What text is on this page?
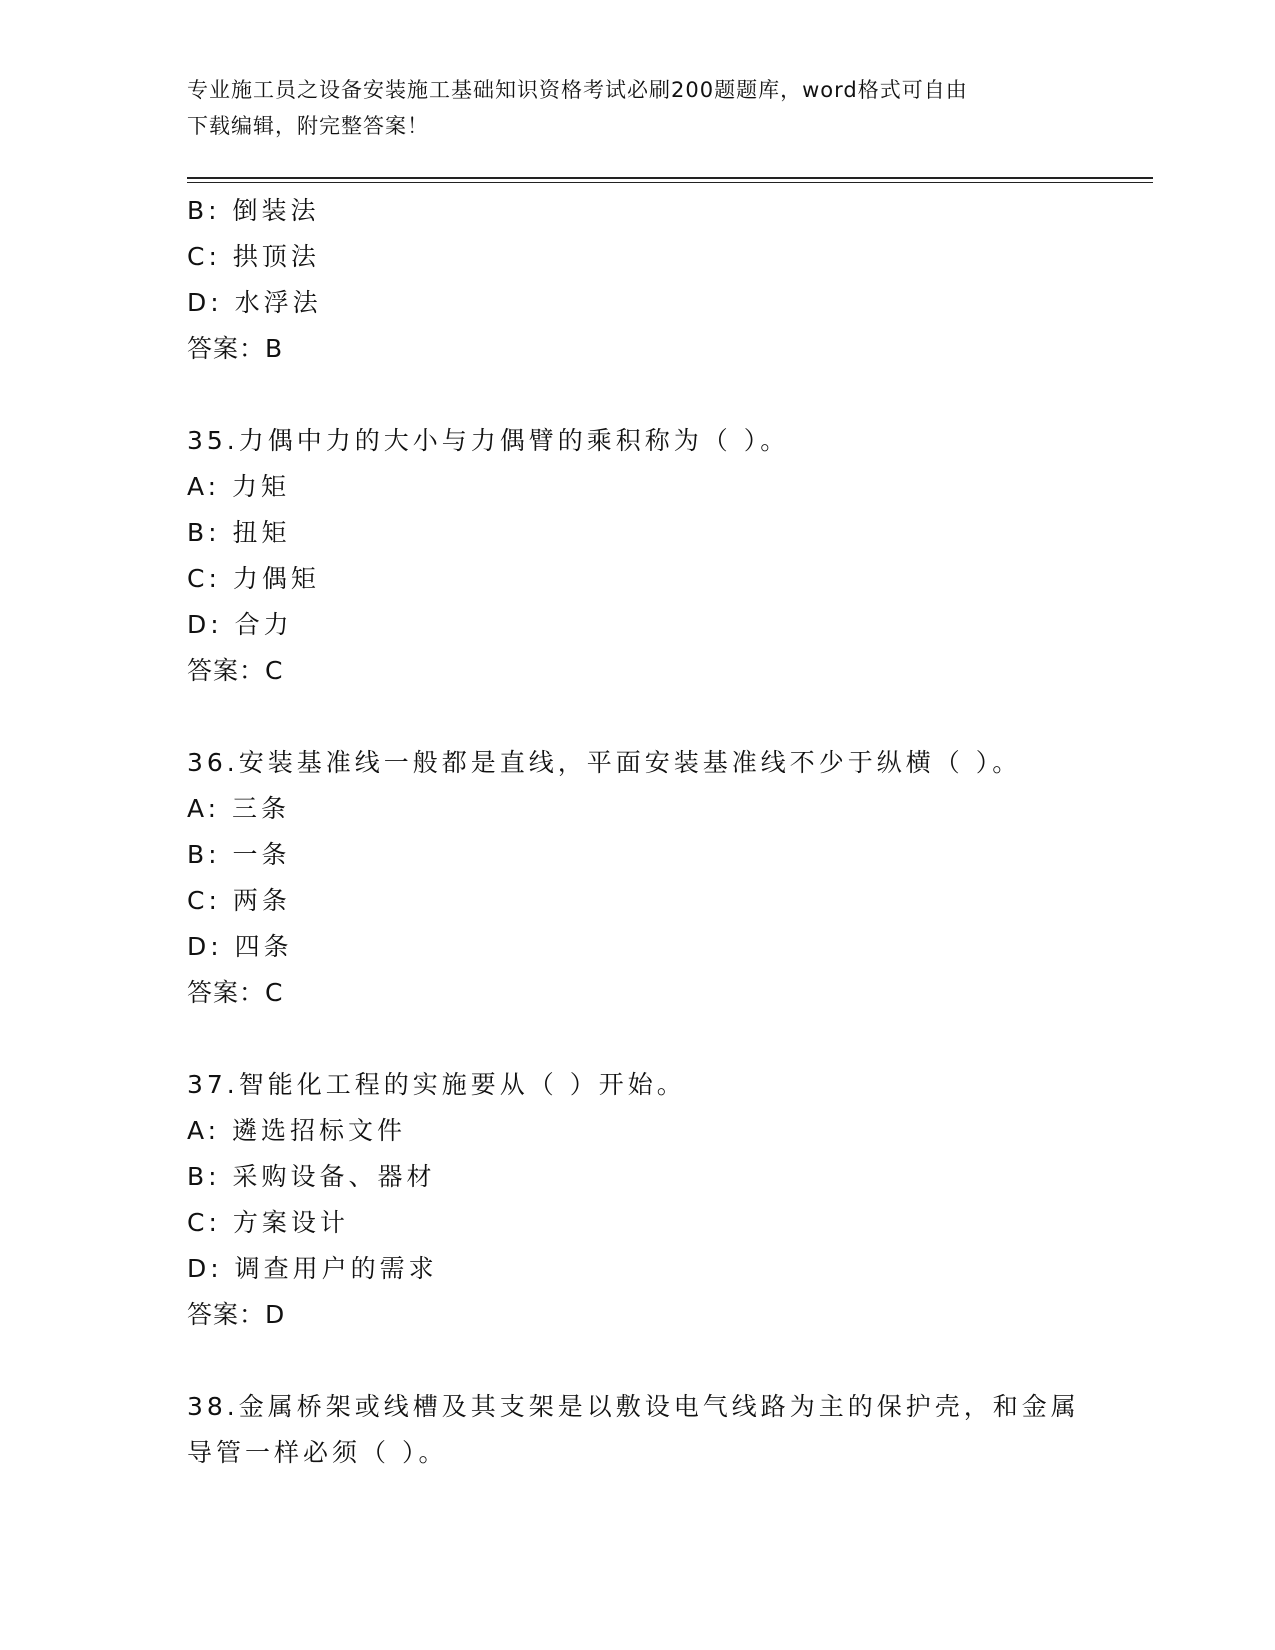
专业施工员之设备安装施工基础知识资格考试必刷200题题库，word格式可自由
下载编辑，附完整答案！
B: 倒装法
C: 拱顶法
D: 水浮法
答案：B
35.力偶中力的大小与力偶臂的乘积称为（ ）。
A: 力矩
B: 扭矩
C: 力偶矩
D: 合力
答案：C
36.安装基准线一般都是直线，平面安装基准线不少于纵横（ ）。
A: 三条
B: 一条
C: 两条
D: 四条
答案：C
37.智能化工程的实施要从（ ）开始。
A: 遴选招标文件
B: 采购设备、器材
C: 方案设计
D: 调查用户的需求
答案：D
38.金属桥架或线槽及其支架是以敷设电气线路为主的保护壳，和金属
导管一样必须（ ）。
